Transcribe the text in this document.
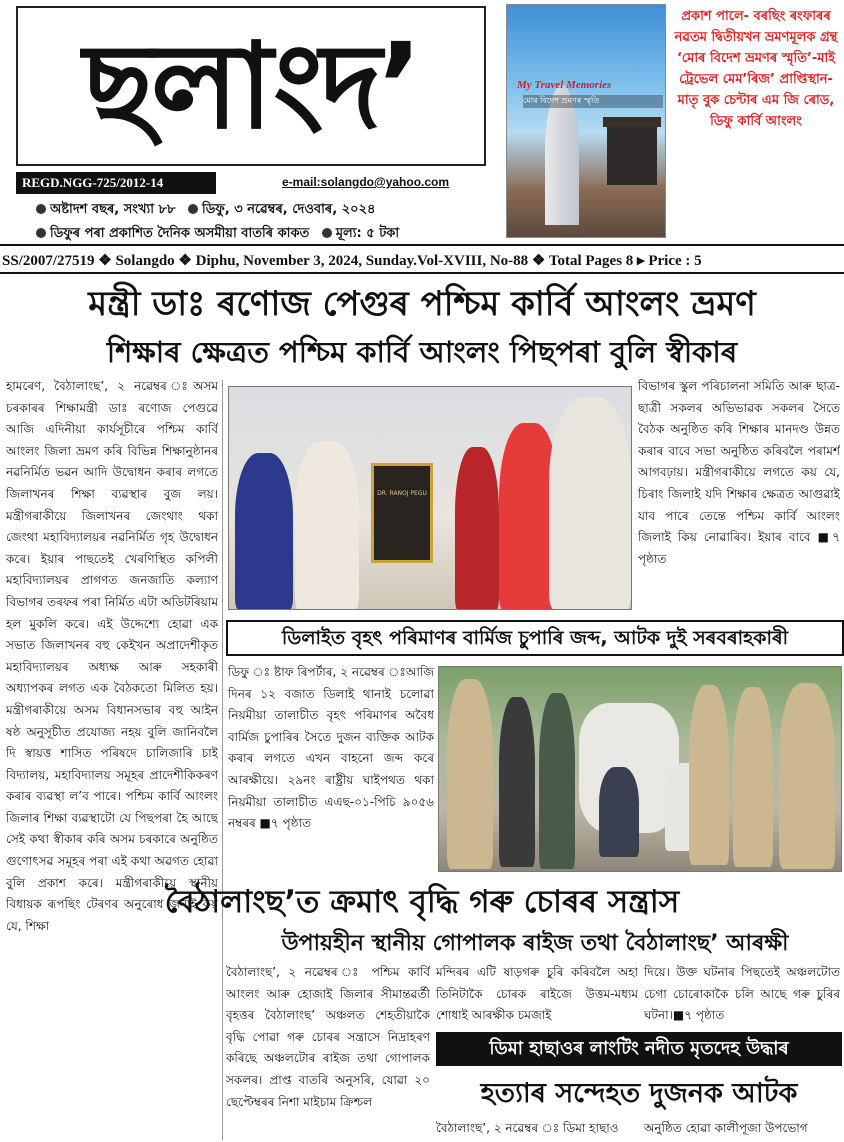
ছলাংদ’
REGD.NGG-725/2012-14	e-mail:solangdo@yahoo.com
অষ্টাদশ বছৰ, সংখ্যা ৮৮ ডিফু, ৩ নৱেম্বৰ, দেওবাৰ, ২০২৪
ডিফুৰ পৰা প্ৰকাশিত দৈনিক অসমীয়া বাতৰি কাকত মূল্য: ৫ টকা
My Travel Memories
মোৰ বিদেশ ভ্ৰমণৰ স্মৃতি
প্ৰকাশ পালে- বৰছিং ৰংফাৰৰ নৱতম দ্বিতীয়খন ভ্ৰমণমূলক গ্ৰন্থ ‘মোৰ বিদেশ ভ্ৰমণৰ স্মৃতি’-মাই ট্ৰেভেল মেম’ৰিজ’ প্ৰাপ্তিস্থান- মাতৃ বুক চেন্টাৰ এম জি ৰোড, ডিফু কাৰ্বি আংলং
SS/2007/27519 ❖ Solangdo ❖ Diphu, November 3, 2024, Sunday.Vol-XVIII, No-88 ❖ Total Pages 8 ▸ Price : 5
মন্ত্ৰী ডাঃ ৰণোজ পেগুৰ পশ্চিম কাৰ্বি আংলং ভ্ৰমণ
শিক্ষাৰ ক্ষেত্ৰত পশ্চিম কাৰ্বি আংলং পিছপৰা বুলি স্বীকাৰ
হামৰেণ, বৈঠালাংছ’, ২ নৱেম্বৰ ঃঅসম চৰকাৰৰ শিক্ষামন্ত্ৰী ডাঃ ৰণোজ পেগুৱে আজি এদিনীয়া কাৰ্যসূচীৰে পশ্চিম কাৰ্বি আংলং জিলা ভ্ৰমণ কৰি বিভিন্ন শিক্ষানুষ্ঠানৰ নৱনিৰ্মিত ভৱন আদি উদ্বোধন কৰাৰ লগতে জিলাখনৰ শিক্ষা ব্যৱস্থাৰ বুজ লয়। মন্ত্ৰীগৰাকীয়ে জিলাখনৰ জেংথাং থকা জেংথা মহাবিদ্যালয়ৰ নৱনিৰ্মিত গৃহ উদ্বোধন কৰে। ইয়াৰ পাছতেই খেৰণিস্থিত কপিলী মহাবিদ্যালয়ৰ প্ৰাগণত জনজাতি কল্যাণ বিভাগৰ তৰফৰ পৰা নিৰ্মিত এটা অডিটৰিয়াম হল মুকলি কৰে। এই উদ্দেশ্যে হোৱা এক সভাত জিলাখনৰ বহু কেইখন অপ্ৰাদেশীকৃত মহাবিদ্যালয়ৰ অধ্যক্ষ আৰু সহকাৰী অধ্যাপকৰ লগত এক বৈঠকতো মিলিত হয়। মন্ত্ৰীগৰাকীয়ে অসম বিধানসভাৰ বহু আইন ষষ্ঠ অনুসূচীত প্ৰযোজ্য নহয় বুলি জানিবলৈ দি স্বায়ত্ত শাসিত পৰিষদে চালিজাৰি চাই বিদ্যালয়, মহাবিদ্যালয় সমূহৰ প্ৰাদেশীকিকৰণ কৰাৰ ব্যৱস্থা ল’ব পাৰে। পশ্চিম কাৰ্বি আংলং জিলাৰ শিক্ষা ব্যৱস্থাটো যে পিছপৰা হৈ আছে সেই কথা স্বীকাৰ কৰি অসম চৰকাৰে অনুষ্ঠিত গুণোৎসৱ সমূহৰ পৰা এই কথা অৱগত হোৱা বুলি প্ৰকাশ কৰে। মন্ত্ৰীগৰাকীয়ে স্থানীয় বিধায়ক ৰূপছিং টেৰণৰ অনুৰোধ জনাই কয় যে, শিক্ষা
DR. RANOJ PEGU
বিভাগৰ স্কুল পৰিচালনা সমিতি আৰু ছাত্ৰ-ছাত্ৰী সকলৰ অভিভাৱক সকলৰ সৈতে বৈঠক অনুষ্ঠিত কৰি শিক্ষাৰ মানদণ্ড উন্নত কৰাৰ বাবে সভা অনুষ্ঠিত কৰিবলৈ পৰামৰ্শ আগবঢ়ায়। মন্ত্ৰীগৰাকীয়ে লগতে কয় যে, চিৰাং জিলাই যদি শিক্ষাৰ ক্ষেত্ৰত আগুৱাই যাব পাৰে তেন্তে পশ্চিম কাৰ্বি আংলং জিলাই কিয় নোৱাৰিব। ইয়াৰ বাবে ■৭ পৃষ্ঠাত
ডিলাইত বৃহৎ পৰিমাণৰ বাৰ্মিজ চুপাৰি জব্দ, আটক দুই সৰবৰাহকাৰী
ডিফু ঃ ষ্টাফ ৰিপৰ্টাৰ, ২ নৱেম্বৰ ঃআজি দিনৰ ১২ বজাত ডিলাই থানাই চলোৱা নিয়মীয়া তালাচীত বৃহৎ পৰিমাণৰ অবৈধ বাৰ্মিজ চুপাৰিৰ সৈতে দুজন ব্যক্তিক আটক কৰাৰ লগতে এখন বাহনো জব্দ কৰে আৰক্ষীয়ে। ২৯নং ৰাষ্ট্ৰীয় ঘাইপথত থকা নিয়মীয়া তালাচীত এএছ-০১-পিচি ৯০৫৬ নম্বৰৰ ■৭ পৃষ্ঠাত
বৈঠালাংছ’ত ক্ৰমাৎ বৃদ্ধি গৰু চোৰৰ সন্ত্ৰাস
উপায়হীন স্থানীয় গোপালক ৰাইজ তথা বৈঠালাংছ’ আৰক্ষী
বৈঠালাংছ’, ২ নৱেম্বৰ ঃ পশ্চিম কাৰ্বি আংলং আৰু হোজাই জিলাৰ সীমান্তৱৰ্তী বৃহত্তৰ বৈঠালাংছ’ অঞ্চলত শেহতীয়াকৈ বৃদ্ধি পোৱা গৰু চোৰৰ সন্ত্ৰাসে নিদ্ৰাহৰণ কৰিছে অঞ্চলটোৰ ৰাইজ তথা গোপালক সকলৰ। প্ৰাপ্ত বাতৰি অনুসৰি, যোৱা ২০ ছেপ্টেম্বৰৰ নিশা মাইচাম ক্ৰিশ্চল
মন্দিৰৰ এটি ষাড়গৰু চুৰি কৰিবলৈ অহা তিনিটাকৈ চোৰক ৰাইজে উত্তম-মধ্যম শোধাই আৰক্ষীক চমজাই
দিয়ে। উক্ত ঘটনাৰ পিছতেই অঞ্চলটোত চেগা চোৰোকাকৈ চলি আছে গৰু চুৰিৰ ঘটনা।■৭ পৃষ্ঠাত
ডিমা হাছাওৰ লাংটিং নদীত মৃতদেহ উদ্ধাৰ
হত্যাৰ সন্দেহত দুজনক আটক
বৈঠালাংছ’, ২ নৱেম্বৰ ঃ ডিমা হাছাও	অনুষ্ঠিত হোৱা কালীপূজা উপভোগ
